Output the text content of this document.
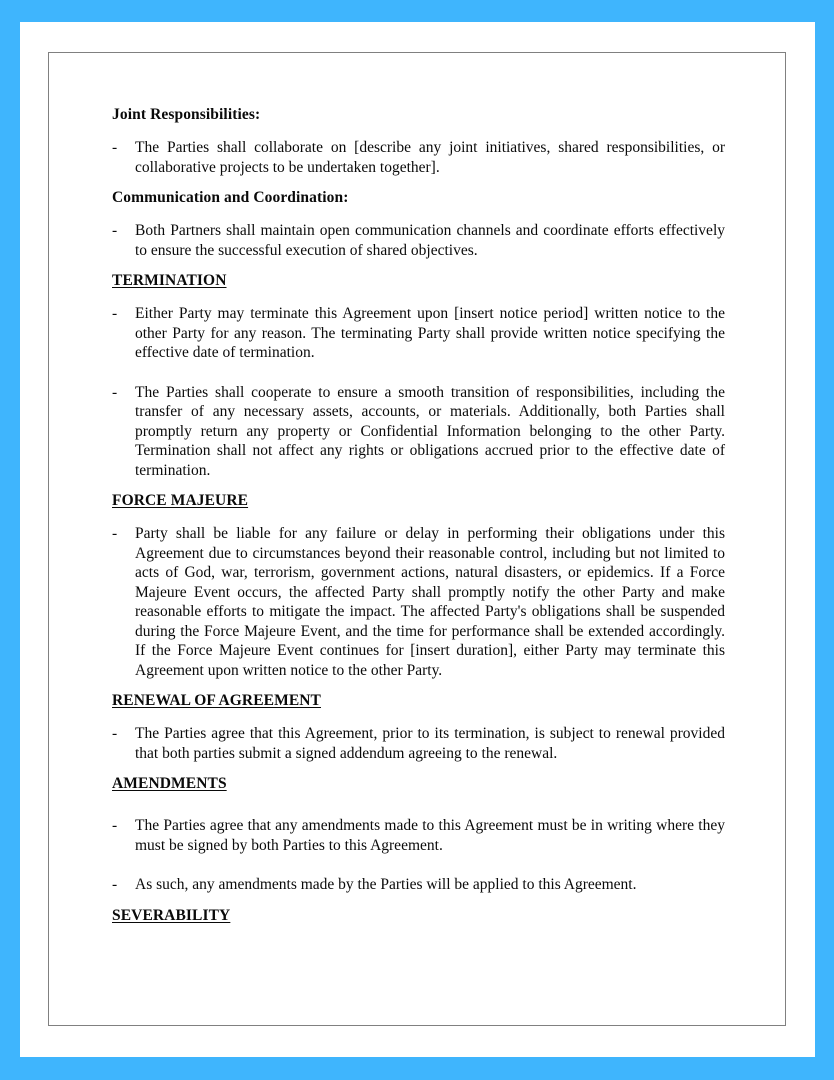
Joint Responsibilities:
-	The Parties shall collaborate on [describe any joint initiatives, shared responsibilities, or collaborative projects to be undertaken together].
Communication and Coordination:
-	Both Partners shall maintain open communication channels and coordinate efforts effectively to ensure the successful execution of shared objectives.
TERMINATION
-	Either Party may terminate this Agreement upon [insert notice period] written notice to the other Party for any reason. The terminating Party shall provide written notice specifying the effective date of termination.
-	The Parties shall cooperate to ensure a smooth transition of responsibilities, including the transfer of any necessary assets, accounts, or materials. Additionally, both Parties shall promptly return any property or Confidential Information belonging to the other Party. Termination shall not affect any rights or obligations accrued prior to the effective date of termination.
FORCE MAJEURE
-	Party shall be liable for any failure or delay in performing their obligations under this Agreement due to circumstances beyond their reasonable control, including but not limited to acts of God, war, terrorism, government actions, natural disasters, or epidemics. If a Force Majeure Event occurs, the affected Party shall promptly notify the other Party and make reasonable efforts to mitigate the impact. The affected Party's obligations shall be suspended during the Force Majeure Event, and the time for performance shall be extended accordingly. If the Force Majeure Event continues for [insert duration], either Party may terminate this Agreement upon written notice to the other Party.
RENEWAL OF AGREEMENT
-	The Parties agree that this Agreement, prior to its termination, is subject to renewal provided that both parties submit a signed addendum agreeing to the renewal.
AMENDMENTS
-	The Parties agree that any amendments made to this Agreement must be in writing where they must be signed by both Parties to this Agreement.
-	As such, any amendments made by the Parties will be applied to this Agreement.
SEVERABILITY
